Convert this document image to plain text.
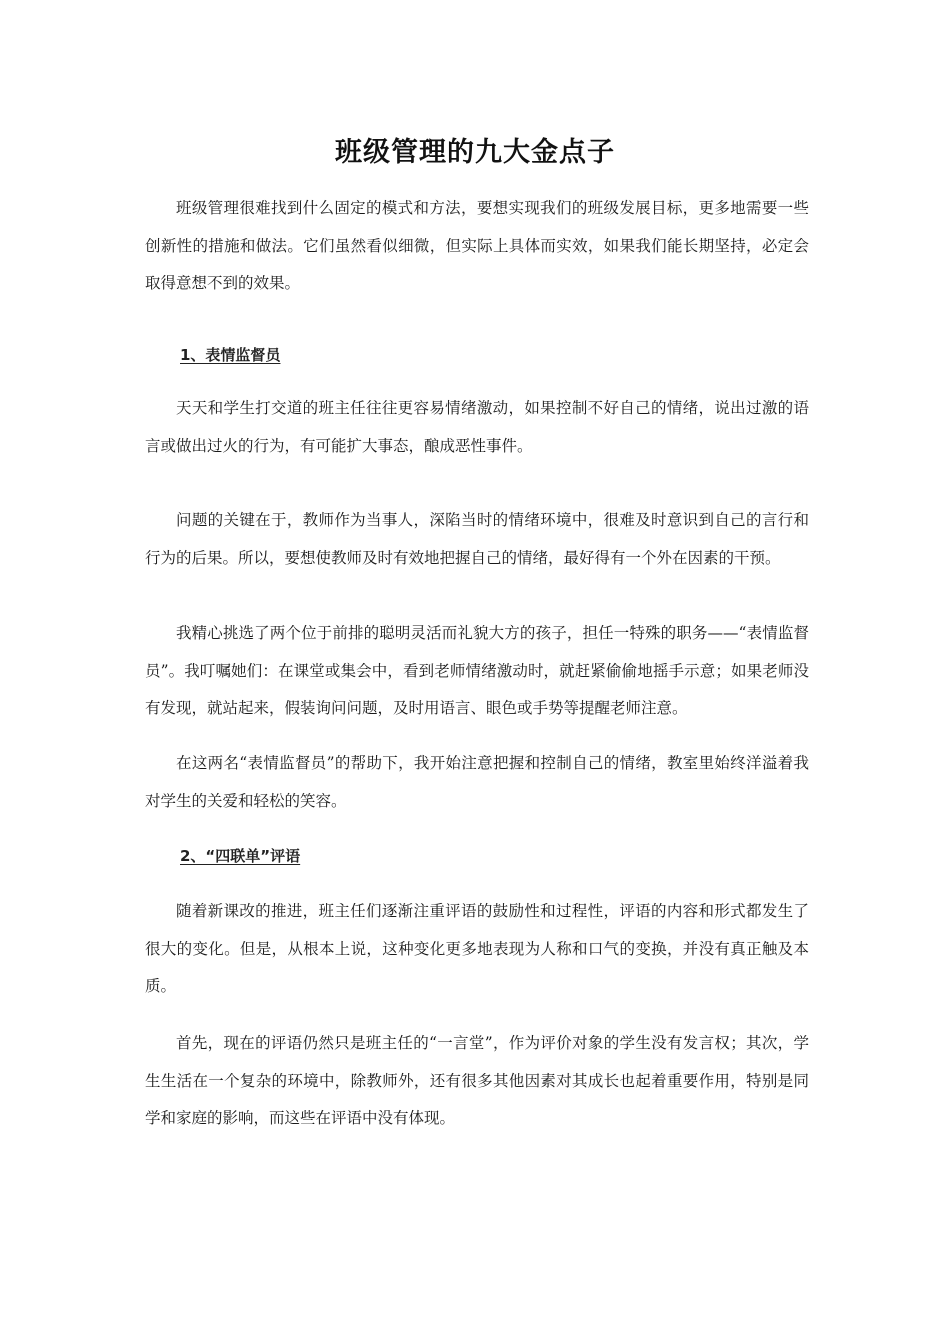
班级管理的九大金点子

班级管理很难找到什么固定的模式和方法，要想实现我们的班级发展目标，更多地需要一些创新性的措施和做法。它们虽然看似细微，但实际上具体而实效，如果我们能长期坚持，必定会取得意想不到的效果。

1、表情监督员

天天和学生打交道的班主任往往更容易情绪激动，如果控制不好自己的情绪，说出过激的语言或做出过火的行为，有可能扩大事态，酿成恶性事件。

问题的关键在于，教师作为当事人，深陷当时的情绪环境中，很难及时意识到自己的言行和行为的后果。所以，要想使教师及时有效地把握自己的情绪，最好得有一个外在因素的干预。

我精心挑选了两个位于前排的聪明灵活而礼貌大方的孩子，担任一特殊的职务——“表情监督员”。我叮嘱她们：在课堂或集会中，看到老师情绪激动时，就赶紧偷偷地摇手示意；如果老师没有发现，就站起来，假装询问问题，及时用语言、眼色或手势等提醒老师注意。

在这两名“表情监督员”的帮助下，我开始注意把握和控制自己的情绪，教室里始终洋溢着我对学生的关爱和轻松的笑容。

2、“四联单”评语

随着新课改的推进，班主任们逐渐注重评语的鼓励性和过程性，评语的内容和形式都发生了很大的变化。但是，从根本上说，这种变化更多地表现为人称和口气的变换，并没有真正触及本质。

首先，现在的评语仍然只是班主任的“一言堂”，作为评价对象的学生没有发言权；其次，学生生活在一个复杂的环境中，除教师外，还有很多其他因素对其成长也起着重要作用，特别是同学和家庭的影响，而这些在评语中没有体现。
